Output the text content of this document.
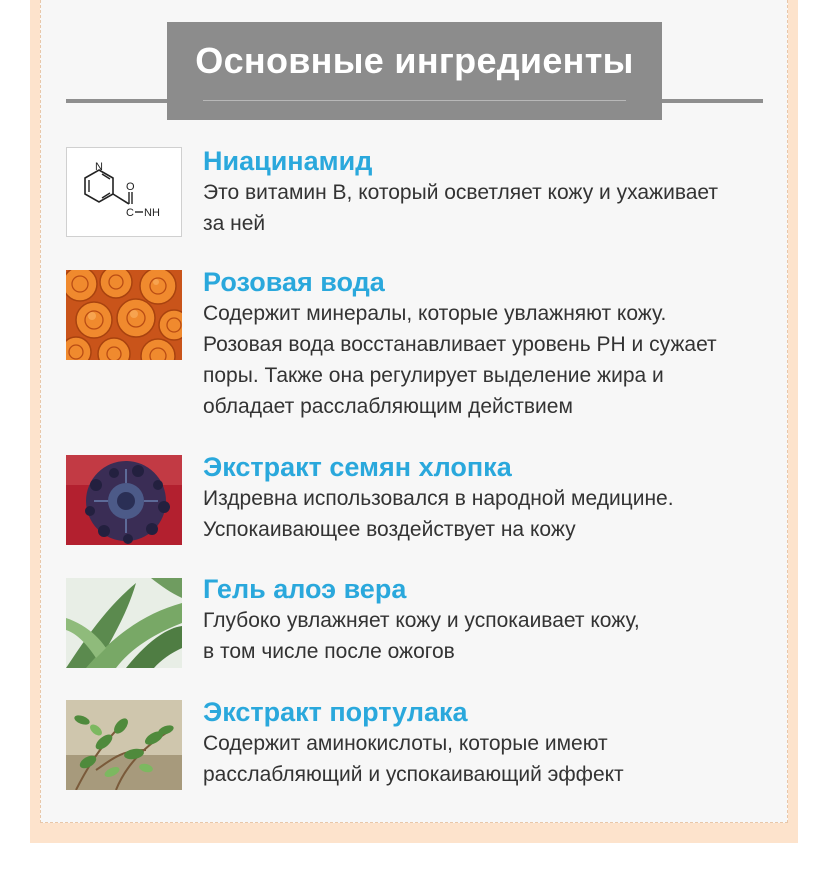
Основные ингредиенты
N
O
C NH
Ниацинамид
Это витамин В, который осветляет кожу и ухаживает
за ней
Розовая вода
Содержит минералы, которые увлажняют кожу.
Розовая вода восстанавливает уровень РН и сужает
поры. Также она регулирует выделение жира и
обладает расслабляющим действием
Экстракт семян хлопка
Издревна использовался в народной медицине.
Успокаивающее воздействует на кожу
Гель алоэ вера
Глубоко увлажняет кожу и успокаивает кожу,
в том числе после ожогов
Экстракт портулака
Содержит аминокислоты, которые имеют
расслабляющий и успокаивающий эффект
